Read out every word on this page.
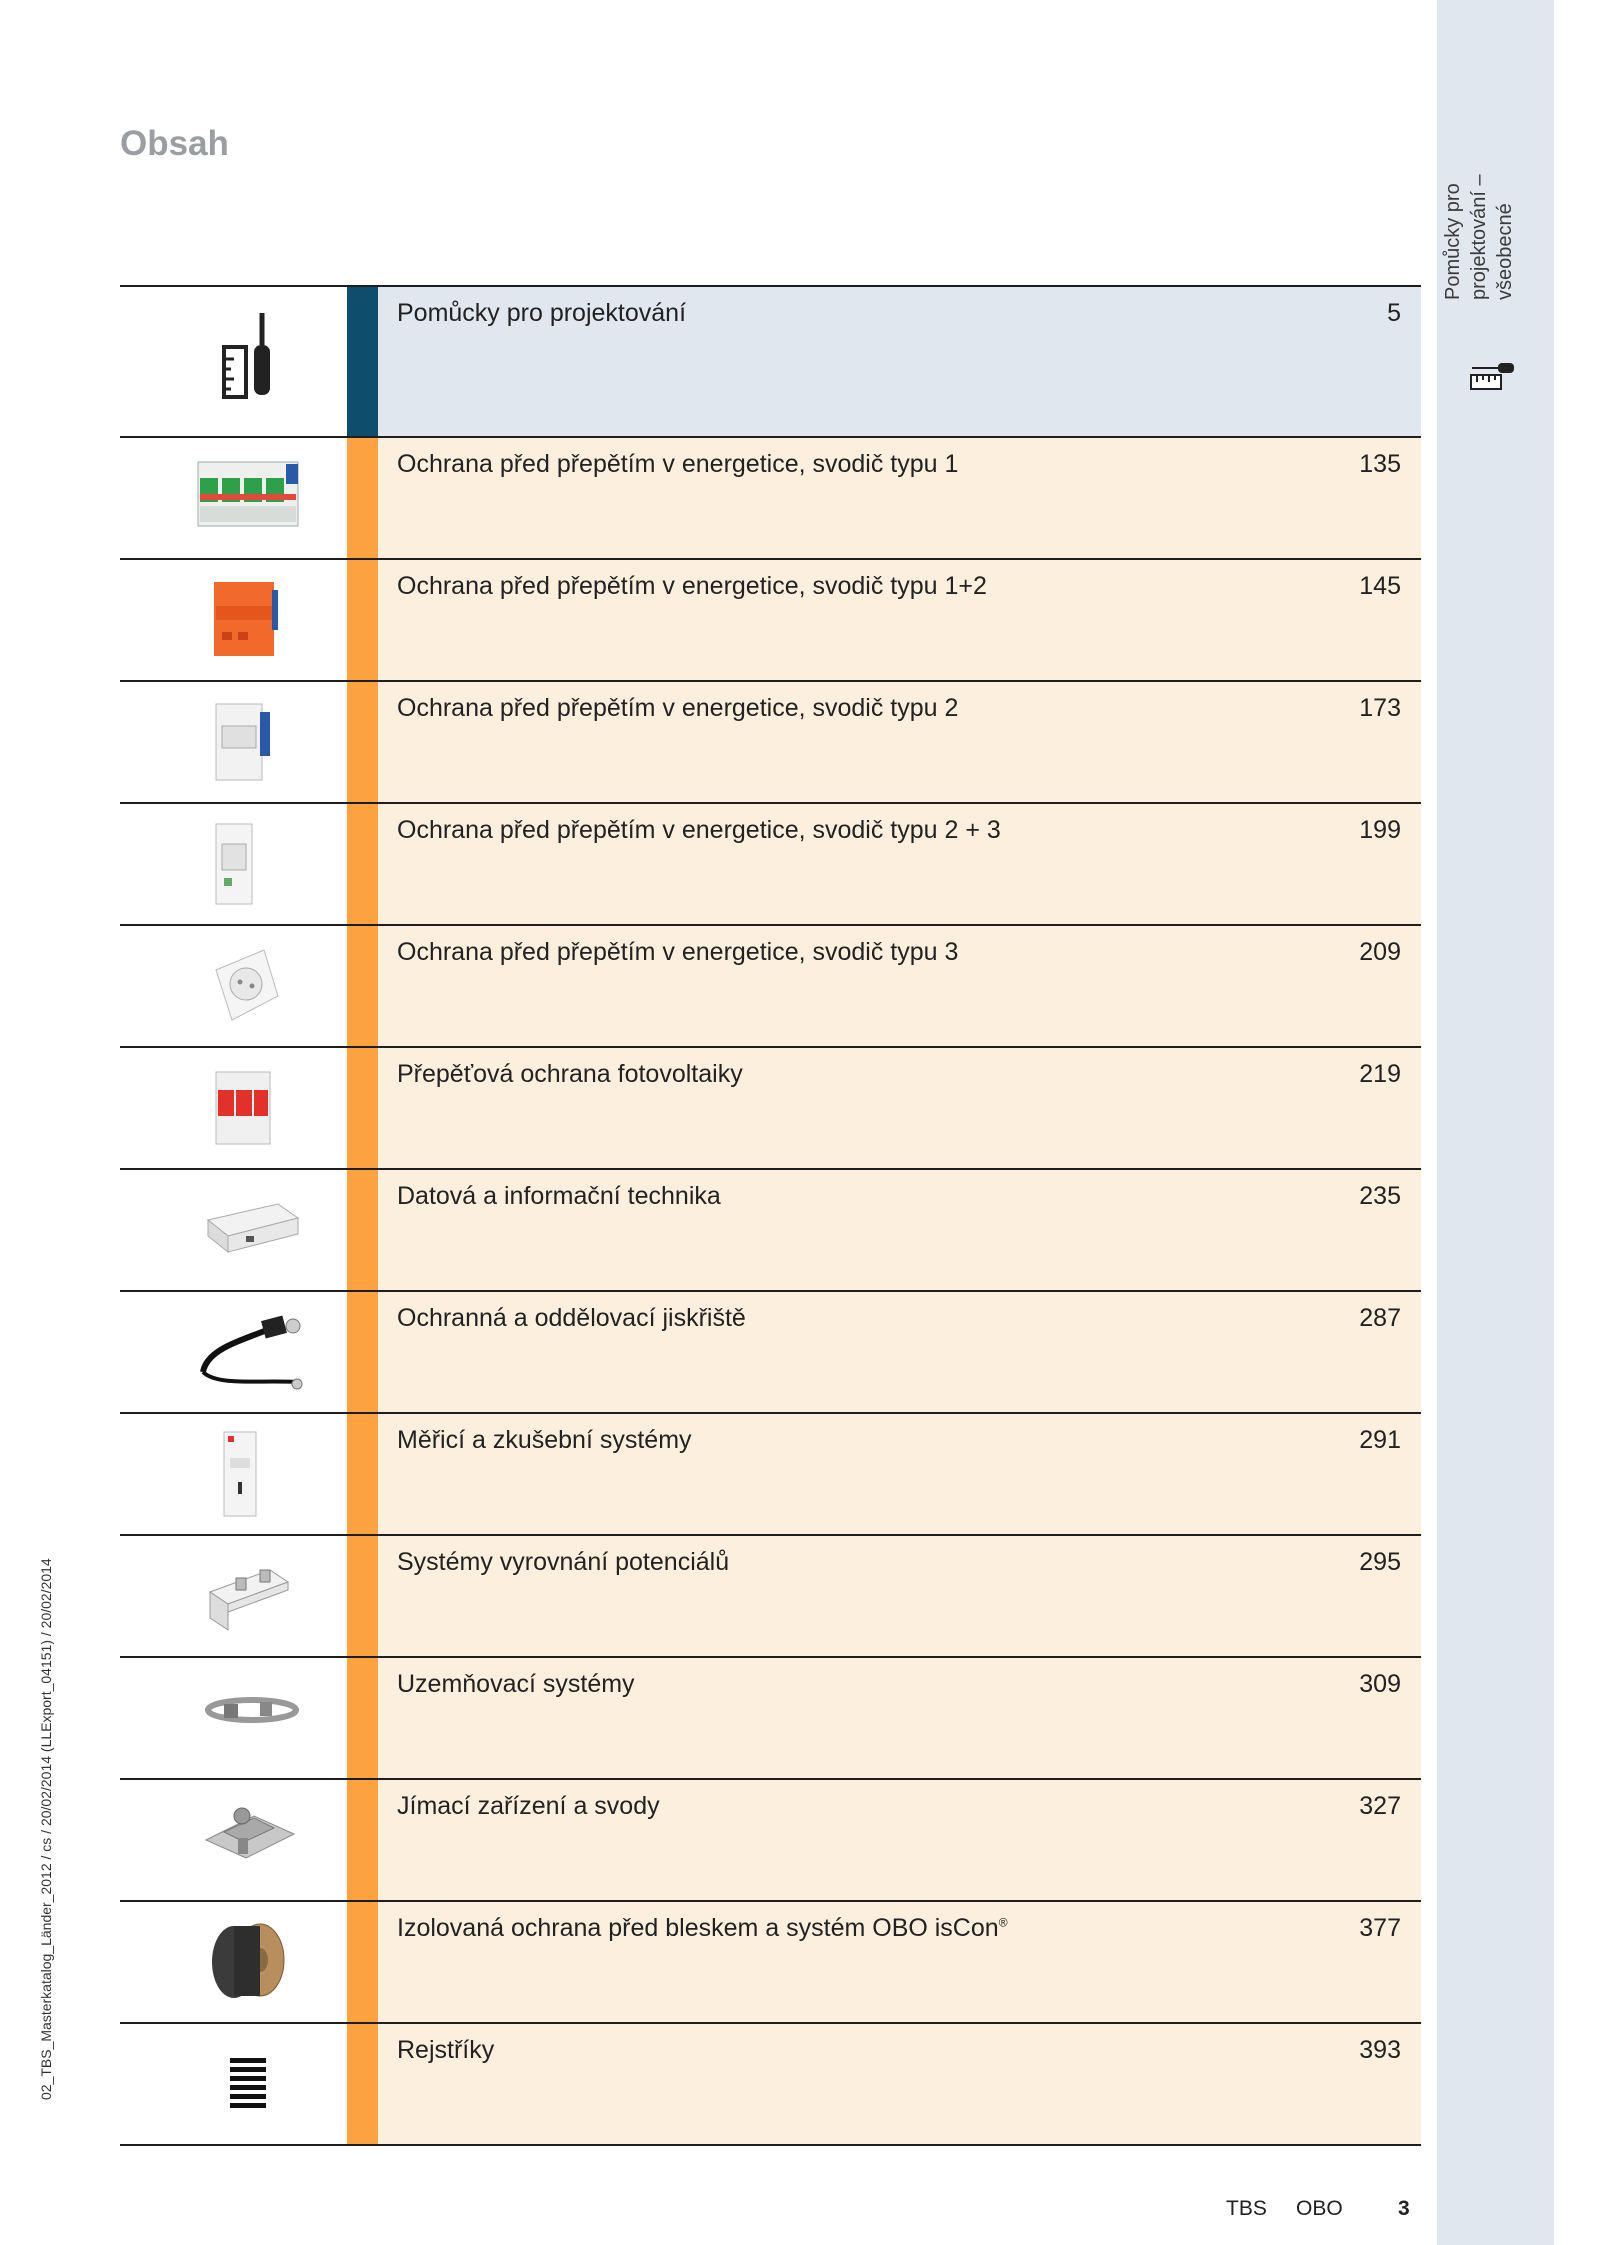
Pomůcky pro
projektování –
všeobecné
Obsah
Pomůcky pro projektování	5
Ochrana před přepětím v energetice, svodič typu 1	135
Ochrana před přepětím v energetice, svodič typu 1+2	145
Ochrana před přepětím v energetice, svodič typu 2	173
Ochrana před přepětím v energetice, svodič typu 2 + 3	199
Ochrana před přepětím v energetice, svodič typu 3	209
Přepěťová ochrana fotovoltaiky	219
Datová a informační technika	235
Ochranná a oddělovací jiskřiště	287
Měřicí a zkušební systémy	291
Systémy vyrovnání potenciálů	295
Uzemňovací systémy	309
Jímací zařízení a svody	327
Izolovaná ochrana před bleskem a systém OBO isCon®	377
Rejstříky	393
02_TBS_Masterkatalog_Länder_2012 / cs / 20/02/2014 (LLExport_04151) / 20/02/2014
TBS OBO	3
